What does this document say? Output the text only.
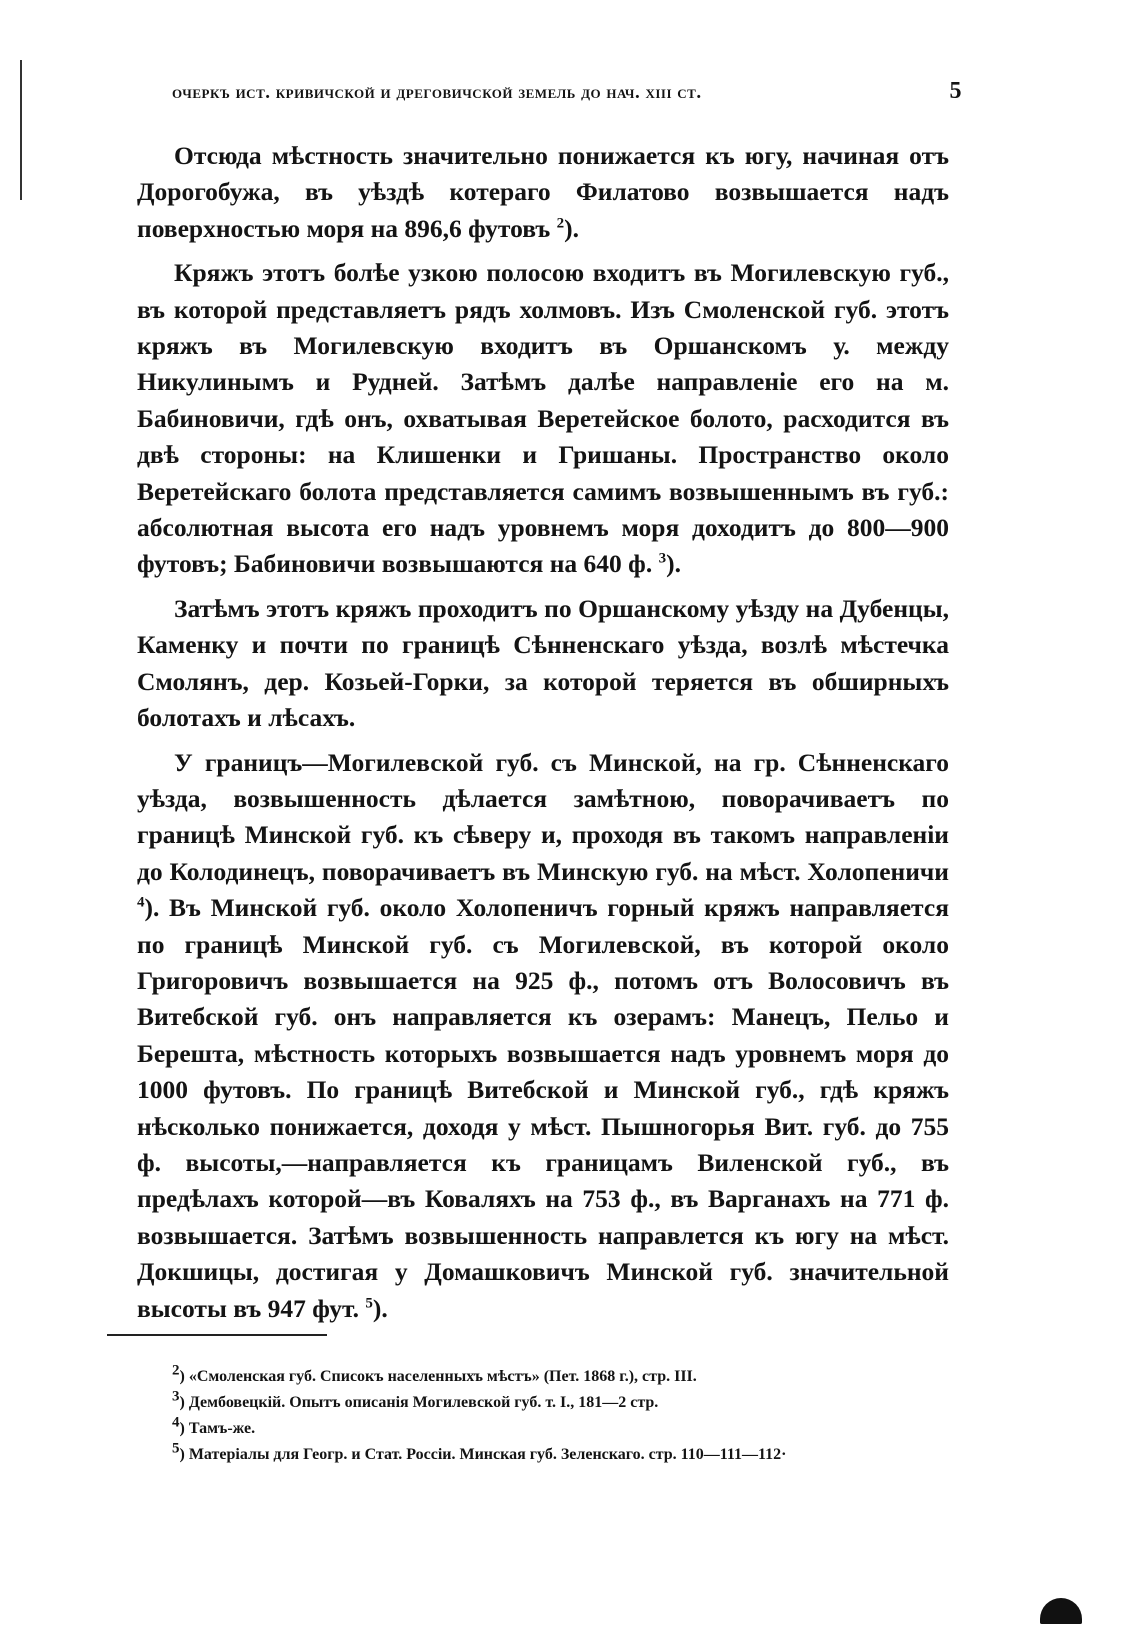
очеркъ ист. кривичской и дреговичской земель до нач. xiii ст.	5

Отсюда мѣстность значительно понижается къ югу, начиная отъ Дорогобужа, въ уѣздѣ котераго Филатово возвышается надъ поверхностью моря на 896,6 футовъ $^2$).

Кряжъ этотъ болѣе узкою полосою входитъ въ Могилевскую губ., въ которой представляетъ рядъ холмовъ. Изъ Смоленской губ. этотъ кряжъ въ Могилевскую входитъ въ Оршанскомъ у. между Никулинымъ и Рудней. Затѣмъ далѣе направленіе его на м. Бабиновичи, гдѣ онъ, охватывая Веретейское болото, расходится въ двѣ стороны: на Клишенки и Гришаны. Пространство около Веретейскаго болота представляется самимъ возвышеннымъ въ губ.: абсолютная высота его надъ уровнемъ моря доходитъ до 800—900 футовъ; Бабиновичи возвышаются на 640 ф. $^3$).

Затѣмъ этотъ кряжъ проходитъ по Оршанскому уѣзду на Дубенцы, Каменку и почти по границѣ Сѣнненскаго уѣзда, возлѣ мѣстечка Смолянъ, дер. Козьей-Горки, за которой теряется въ обширныхъ болотахъ и лѣсахъ.

У границъ—Могилевской губ. съ Минской, на гр. Сѣнненскаго уѣзда, возвышенность дѣлается замѣтною, поворачиваетъ по границѣ Минской губ. къ сѣверу и, проходя въ такомъ направленіи до Колодинецъ, поворачиваетъ въ Минскую губ. на мѣст. Холопеничи $^4$). Въ Минской губ. около Холопеничъ горный кряжъ направляется по границѣ Минской губ. съ Могилевской, въ которой около Григоровичъ возвышается на 925 ф., потомъ отъ Волосовичъ въ Витебской губ. онъ направляется къ озерамъ: Манецъ, Пельо и Берешта, мѣстность которыхъ возвышается надъ уровнемъ моря до 1000 футовъ. По границѣ Витебской и Минской губ., гдѣ кряжъ нѣсколько понижается, доходя у мѣст. Пышногорья Вит. губ. до 755 ф. высоты,—направляется къ границамъ Виленской губ., въ предѣлахъ которой—въ Коваляхъ на 753 ф., въ Варганахъ на 771 ф. возвышается. Затѣмъ возвышенность направлется къ югу на мѣст. Докшицы, достигая у Домашковичъ Минской губ. значительной высоты въ 947 фут. $^5$).

$^2$) «Смоленская губ. Списокъ населенныхъ мѣстъ» (Пет. 1868 г.), стр. III.

$^3$) Дембовецкій. Опытъ описанія Могилевской губ. т. I., 181—2 стр.

$^4$) Тамъ-же.

$^5$) Матеріалы для Геогр. и Стат. Россіи. Минская губ. Зеленскаго. стр. 110—111—112·
